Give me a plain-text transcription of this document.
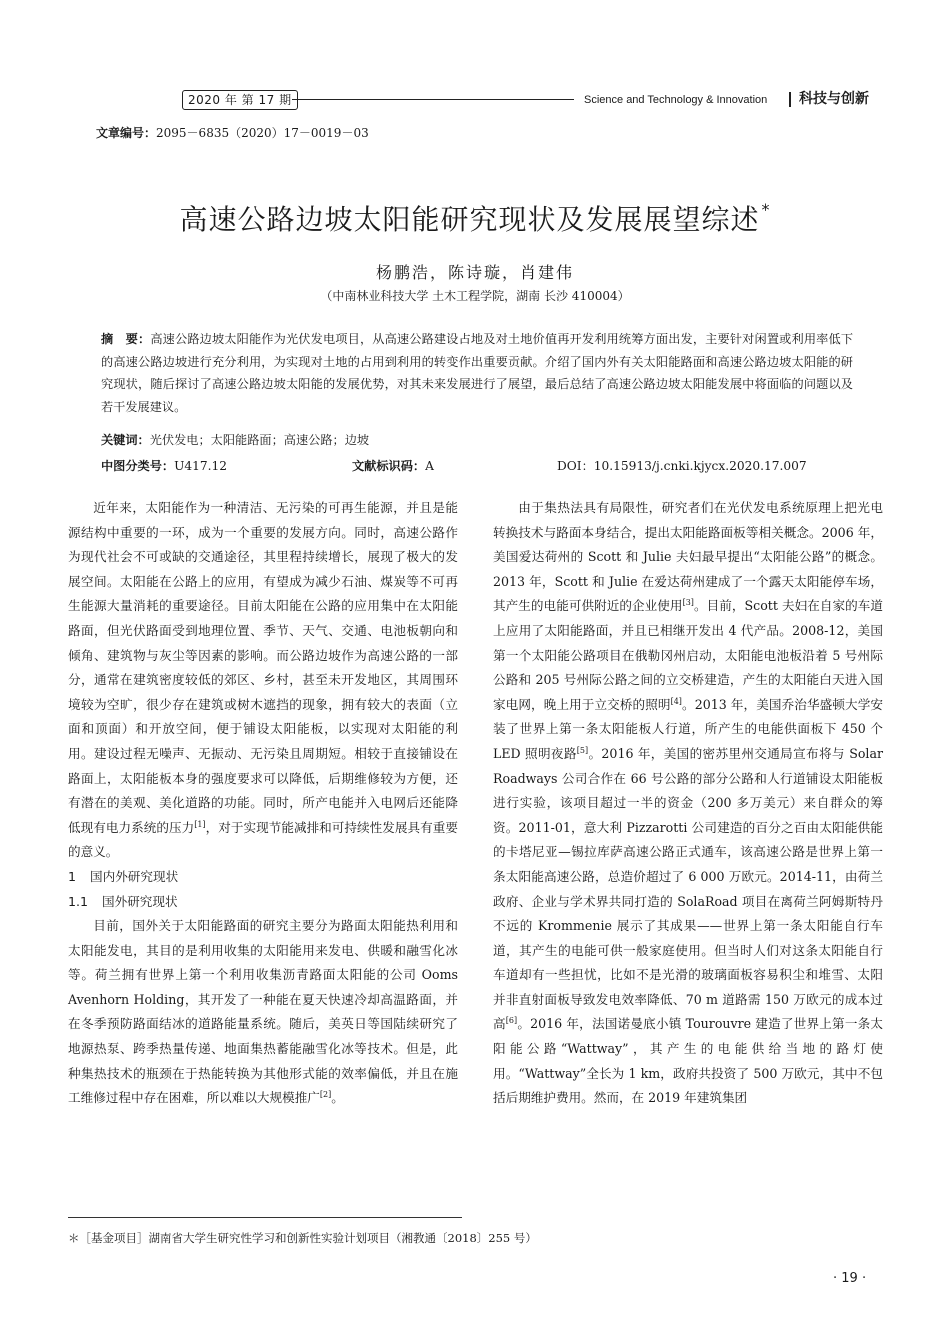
2020 年 第 17 期	Science and Technology & Innovation 科技与创新
文章编号：2095－6835（2020）17－0019－03
高速公路边坡太阳能研究现状及发展展望综述 *
杨鹏浩，陈诗璇，肖建伟
（中南林业科技大学 土木工程学院，湖南 长沙 410004）

摘　要：高速公路边坡太阳能作为光伏发电项目，从高速公路建设占地及对土地价值再开发利用统筹方面出发，主要针对闲置或利用率低下的高速公路边坡进行充分利用，为实现对土地的占用到利用的转变作出重要贡献。介绍了国内外有关太阳能路面和高速公路边坡太阳能的研究现状，随后探讨了高速公路边坡太阳能的发展优势，对其未来发展进行了展望，最后总结了高速公路边坡太阳能发展中将面临的问题以及若干发展建议。

关键词：光伏发电；太阳能路面；高速公路；边坡
中图分类号：U417.12	文献标识码：A	DOI：10.15913/j.cnki.kjycx.2020.17.007

近年来，太阳能作为一种清洁、无污染的可再生能源，并且是能源结构中重要的一环，成为一个重要的发展方向。同时，高速公路作为现代社会不可或缺的交通途径，其里程持续增长，展现了极大的发展空间。太阳能在公路上的应用，有望成为减少石油、煤炭等不可再生能源大量消耗的重要途径。目前太阳能在公路的应用集中在太阳能路面，但光伏路面受到地理位置、季节、天气、交通、电池板朝向和倾角、建筑物与灰尘等因素的影响。而公路边坡作为高速公路的一部分，通常在建筑密度较低的郊区、乡村，甚至未开发地区，其周围环境较为空旷，很少存在建筑或树木遮挡的现象，拥有较大的表面（立面和顶面）和开放空间，便于铺设太阳能板，以实现对太阳能的利用。建设过程无噪声、无振动、无污染且周期短。相较于直接铺设在路面上，太阳能板本身的强度要求可以降低，后期维修较为方便，还有潜在的美观、美化道路的功能。同时，所产电能并入电网后还能降低现有电力系统的压力[1]，对于实现节能减排和可持续性发展具有重要的意义。

1 国内外研究现状
1.1 国外研究现状

目前，国外关于太阳能路面的研究主要分为路面太阳能热利用和太阳能发电，其目的是利用收集的太阳能用来发电、供暖和融雪化冰等。荷兰拥有世界上第一个利用收集沥青路面太阳能的公司 Ooms Avenhorn Holding，其开发了一种能在夏天快速冷却高温路面，并在冬季预防路面结冰的道路能量系统。随后，美英日等国陆续研究了地源热泵、跨季热量传递、地面集热蓄能融雪化冰等技术。但是，此种集热技术的瓶颈在于热能转换为其他形式能的效率偏低，并且在施工维修过程中存在困难，所以难以大规模推广[2]。

由于集热法具有局限性，研究者们在光伏发电系统原理上把光电转换技术与路面本身结合，提出太阳能路面板等相关概念。2006 年，美国爱达荷州的 Scott 和 Julie 夫妇最早提出“太阳能公路”的概念。2013 年，Scott 和 Julie 在爱达荷州建成了一个露天太阳能停车场，其产生的电能可供附近的企业使用[3]。目前，Scott 夫妇在自家的车道上应用了太阳能路面，并且已相继开发出 4 代产品。2008-12，美国第一个太阳能公路项目在俄勒冈州启动，太阳能电池板沿着 5 号州际公路和 205 号州际公路之间的立交桥建造，产生的太阳能白天进入国家电网，晚上用于立交桥的照明[4]。2013 年，美国乔治华盛顿大学安装了世界上第一条太阳能板人行道，所产生的电能供面板下 450 个 LED 照明夜路[5]。2016 年，美国的密苏里州交通局宣布将与 Solar Roadways 公司合作在 66 号公路的部分公路和人行道铺设太阳能板进行实验，该项目超过一半的资金（200 多万美元）来自群众的筹资。2011-01，意大利 Pizzarotti 公司建造的百分之百由太阳能供能的卡塔尼亚—锡拉库萨高速公路正式通车，该高速公路是世界上第一条太阳能高速公路，总造价超过了 6 000 万欧元。2014-11，由荷兰政府、企业与学术界共同打造的 SolaRoad 项目在离荷兰阿姆斯特丹不远的 Krommenie 展示了其成果——世界上第一条太阳能自行车道，其产生的电能可供一般家庭使用。但当时人们对这条太阳能自行车道却有一些担忧，比如不是光滑的玻璃面板容易积尘和堆雪、太阳并非直射面板导致发电效率降低、70 m 道路需 150 万欧元的成本过高[6]。2016 年，法国诺曼底小镇 Tourouvre 建造了世界上第一条太阳能公路“Wattway”，其产生的电能供给当地的路灯使用。“Wattway”全长为 1 km，政府共投资了 500 万欧元，其中不包括后期维护费用。然而，在 2019 年建筑集团

＊［基金项目］湖南省大学生研究性学习和创新性实验计划项目（湘教通〔2018〕255 号）
· 19 ·
